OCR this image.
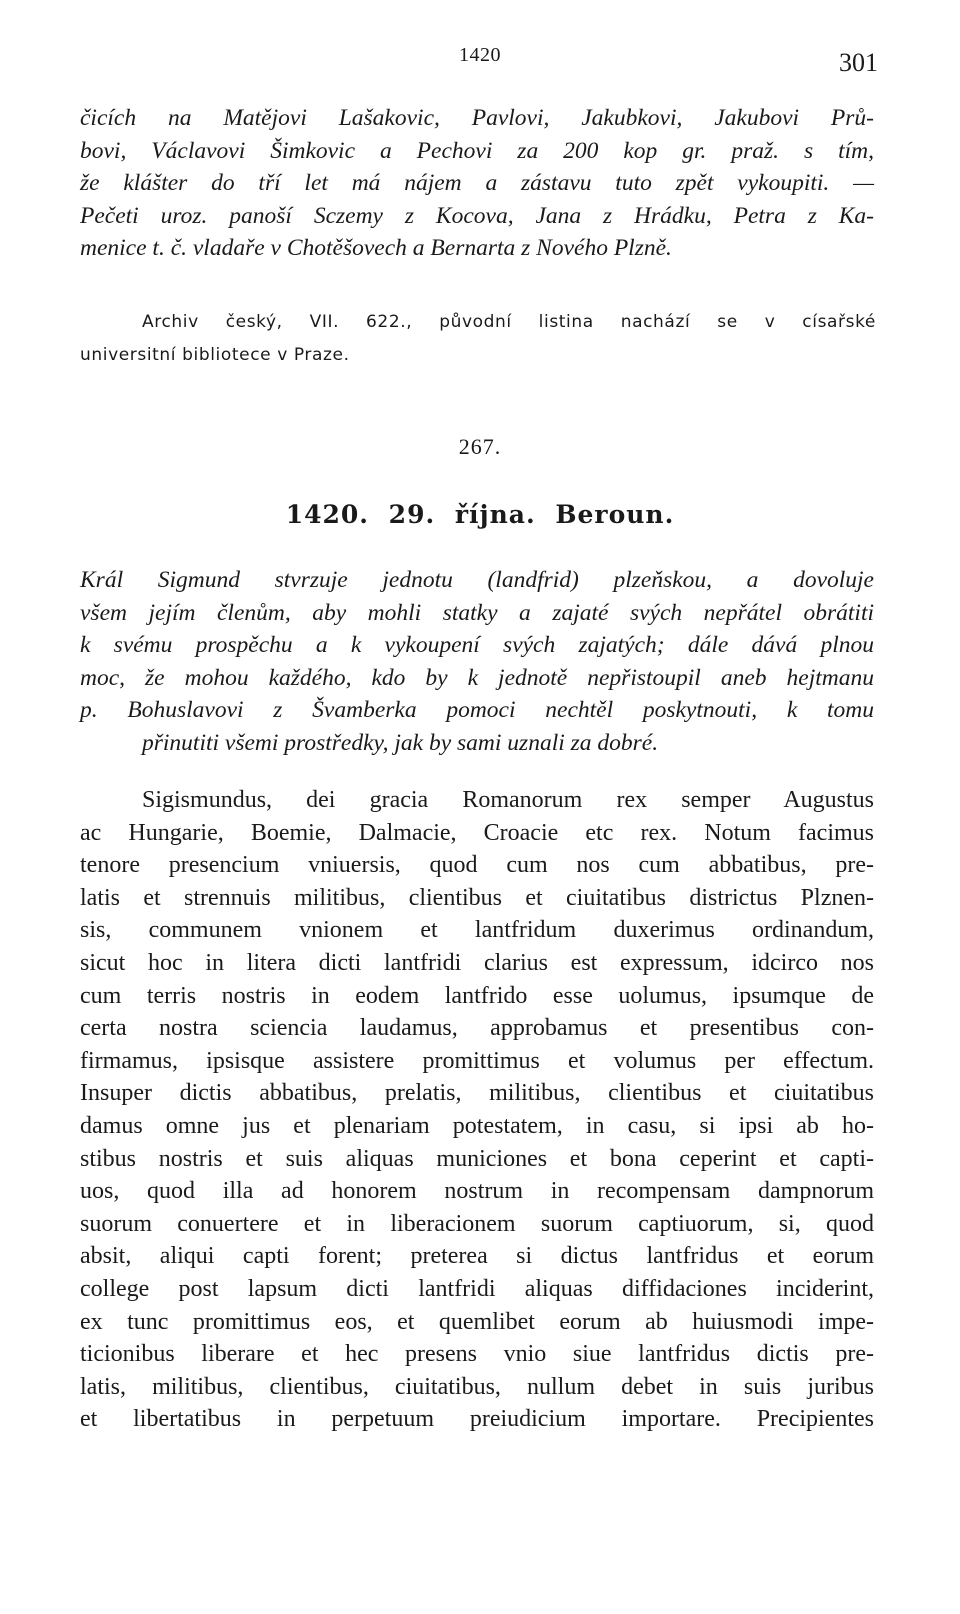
1420	301
čicích na Matějovi Lašakovic, Pavlovi, Jakubkovi, Jakubovi Prů-
bovi, Václavovi Šimkovic a Pechovi za 200 kop gr. praž. s tím,
že klášter do tří let má nájem a zástavu tuto zpět vykoupiti. —
Pečeti uroz. panoší Sczemy z Kocova, Jana z Hrádku, Petra z Ka-
menice t. č. vladaře v Chotěšovech a Bernarta z Nového Plzně.
Archiv český, VII. 622., původní listina nachází se v císařské
universitní bibliotece v Praze.
267.
1420. 29. října. Beroun.
Král Sigmund stvrzuje jednotu (landfrid) plzeňskou, a dovoluje
všem jejím členům, aby mohli statky a zajaté svých nepřátel obrátiti
k svému prospěchu a k vykoupení svých zajatých; dále dává plnou
moc, že mohou každého, kdo by k jednotě nepřistoupil aneb hejtmanu
p. Bohuslavovi z Švamberka pomoci nechtěl poskytnouti, k tomu
přinutiti všemi prostředky, jak by sami uznali za dobré.
Sigismundus, dei gracia Romanorum rex semper Augustus
ac Hungarie, Boemie, Dalmacie, Croacie etc rex. Notum facimus
tenore presencium vniuersis, quod cum nos cum abbatibus, pre-
latis et strennuis militibus, clientibus et ciuitatibus districtus Plznen-
sis, communem vnionem et lantfridum duxerimus ordinandum,
sicut hoc in litera dicti lantfridi clarius est expressum, idcirco nos
cum terris nostris in eodem lantfrido esse uolumus, ipsumque de
certa nostra sciencia laudamus, approbamus et presentibus con-
firmamus, ipsisque assistere promittimus et volumus per effectum.
Insuper dictis abbatibus, prelatis, militibus, clientibus et ciuitatibus
damus omne jus et plenariam potestatem, in casu, si ipsi ab ho-
stibus nostris et suis aliquas municiones et bona ceperint et capti-
uos, quod illa ad honorem nostrum in recompensam dampnorum
suorum conuertere et in liberacionem suorum captiuorum, si, quod
absit, aliqui capti forent; preterea si dictus lantfridus et eorum
college post lapsum dicti lantfridi aliquas diffidaciones inciderint,
ex tunc promittimus eos, et quemlibet eorum ab huiusmodi impe-
ticionibus liberare et hec presens vnio siue lantfridus dictis pre-
latis, militibus, clientibus, ciuitatibus, nullum debet in suis juribus
et libertatibus in perpetuum preiudicium importare. Precipientes
